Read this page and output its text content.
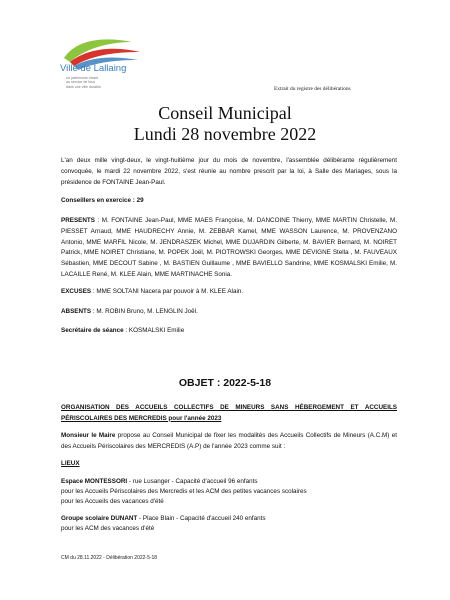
Ville de Lallaing
un patrimoine vivant
au service de tous
dans une ville durable	Extrait du registre des délibérations
Conseil Municipal
Lundi 28 novembre 2022
L'an deux mille vingt-deux, le vingt-huitième jour du mois de novembre, l'assemblée délibérante régulièrement convoquée, le mardi 22 novembre 2022, s'est réunie au nombre prescrit par la loi, à Salle des Mariages, sous la présidence de FONTAINE Jean-Paul.
Conseillers en exercice : 29
PRESENTS : M. FONTAINE Jean-Paul, MME MAES Françoise, M. DANCOINE Thierry, MME MARTIN Christelle, M. PIESSET Arnaud, MME HAUDRECHY Annie, M. ZEBBAR Kamel, MME WASSON Laurence, M. PROVENZANO Antonio, MME MARFIL Nicole, M. JENDRASZEK Michel, MME DUJARDIN Gilberte, M. BAVIER Bernard, M. NOIRET Patrick, MME NOIRET Christiane, M. POPEK Joël, M. PIOTROWSKI Georges, MME DEVIGNE Stella , M. FAUVEAUX Sébastien, MME DECOUT Sabine , M. BASTIEN Guillaume , MME BAVIELLO Sandrine, MME KOSMALSKI Emilie, M. LACAILLE René, M. KLEE Alain, MME MARTINACHE Sonia.
EXCUSES : MME SOLTANI Nacera par pouvoir à M. KLEE Alain.
ABSENTS : M. ROBIN Bruno, M. LENGLIN Joël.
Secrétaire de séance : KOSMALSKI Emilie
OBJET : 2022-5-18
ORGANISATION DES ACCUEILS COLLECTIFS DE MINEURS SANS HÉBERGEMENT ET ACCUEILS PÉRISCOLAIRES DES MERCREDIS pour l'année 2023
Monsieur le Maire propose au Conseil Municipal de fixer les modalités des Accueils Collectifs de Mineurs (A.C.M) et des Accueils Périscolaires des MERCREDIS (A.P) de l'année 2023 comme suit :
LIEUX
Espace MONTESSORI - rue Lusanger - Capacité d'accueil 96 enfants
pour les Accueils Périscolaires des Mercredis et les ACM des petites vacances scolaires
pour les Accueils des vacances d'été
Groupe scolaire DUNANT - Place Blain - Capacité d'accueil 240 enfants
pour les ACM des vacances d'été
CM du 28.11.2022 - Délibération 2022-5-18
